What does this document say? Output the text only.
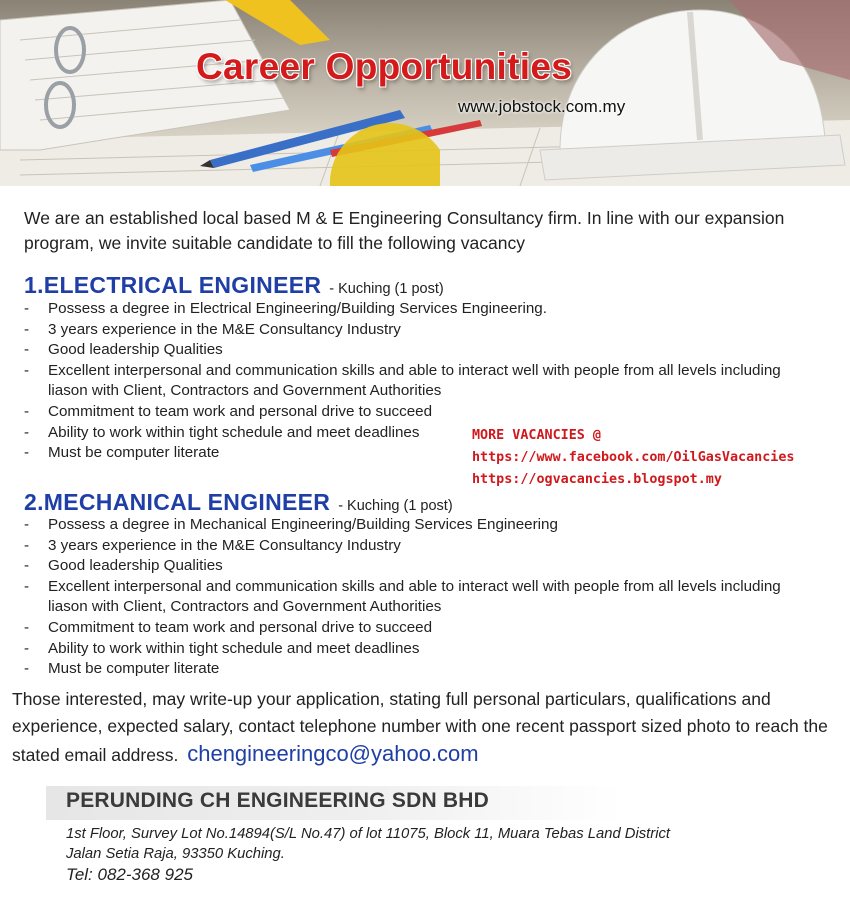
Career Opportunities
www.jobstock.com.my
We are an established local based M & E Engineering Consultancy firm. In line with our expansion program, we invite suitable candidate to fill the following vacancy
1.ELECTRICAL ENGINEER - Kuching (1 post)
- Possess a degree in Electrical Engineering/Building Services Engineering.
- 3 years experience in the M&E Consultancy Industry
- Good leadership Qualities
- Excellent interpersonal and communication skills and able to interact well with people from all levels including liason with Client, Contractors and Government Authorities
- Commitment to team work and personal drive to succeed
- Ability to work within tight schedule and meet deadlines
- Must be computer literate
MORE VACANCIES @
https://www.facebook.com/OilGasVacancies
https://ogvacancies.blogspot.my
2.MECHANICAL ENGINEER - Kuching (1 post)
- Possess a degree in Mechanical Engineering/Building Services Engineering
- 3 years experience in the M&E Consultancy Industry
- Good leadership Qualities
- Excellent interpersonal and communication skills and able to interact well with people from all levels including liason with Client, Contractors and Government Authorities
- Commitment to team work and personal drive to succeed
- Ability to work within tight schedule and meet deadlines
- Must be computer literate
Those interested, may write-up your application, stating full personal particulars, qualifications and experience, expected salary, contact telephone number with one recent passport sized photo to reach the stated email address. chengineeringco@yahoo.com
PERUNDING CH ENGINEERING SDN BHD
1st Floor, Survey Lot No.14894(S/L No.47) of lot 11075, Block 11, Muara Tebas Land District
Jalan Setia Raja, 93350 Kuching.
Tel: 082-368 925
